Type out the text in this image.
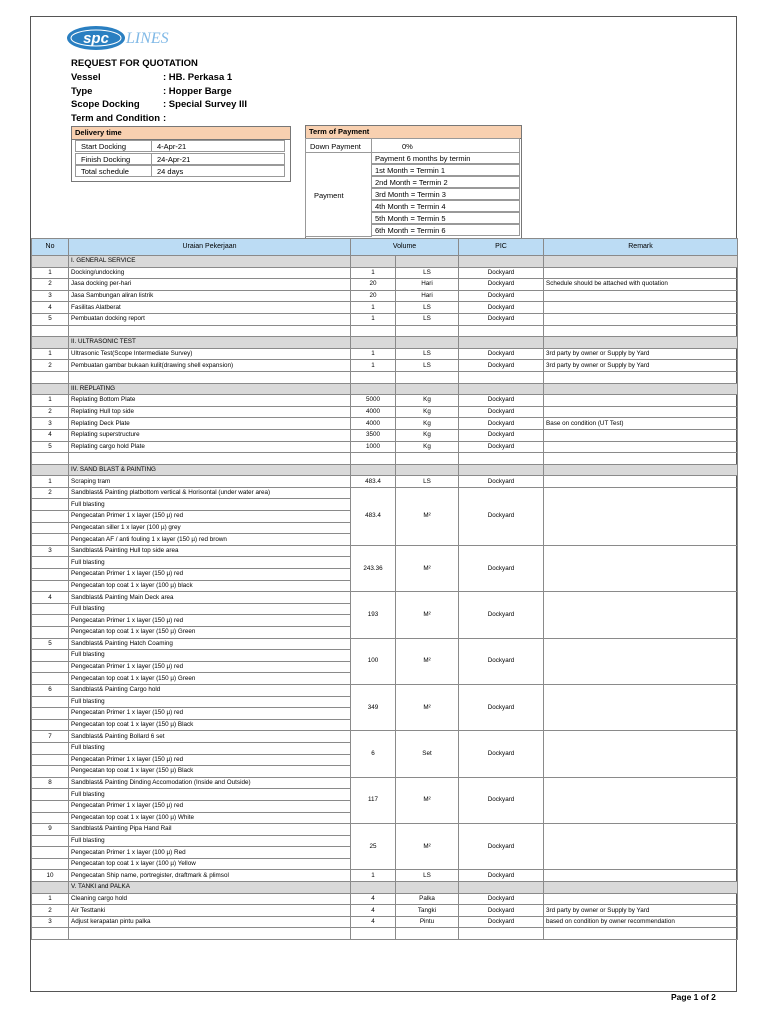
spc LINES
REQUEST FOR QUOTATION
Vessel	: HB. Perkasa 1
Type	: Hopper Barge
Scope Docking : Special Survey III
Term and Condition :
Delivery time
Start Docking	4-Apr-21
Finish Docking	24-Apr-21
Total schedule	24 days
Term of Payment
Down Payment	0%
Payment
Payment 6 months by termin
1st Month = Termin 1
2nd Month = Termin 2
3rd Month = Termin 3
4th Month = Termin 4
5th Month = Termin 5
6th Month = Termin 6
No	Uraian Pekerjaan	Volume		PIC	Remark
	I. GENERAL SERVICE				
1	Docking/undocking	1	LS	Dockyard	
2	Jasa docking per-hari	20	Hari	Dockyard	Schedule should be attached with quotation
3	Jasa Sambungan aliran listrik	20	Hari	Dockyard	
4	Fasilitas Alatberat	1	LS	Dockyard	
5	Pembuatan docking report	1	LS	Dockyard	

	II. ULTRASONIC TEST				
1	Ultrasonic Test(Scope Intermediate Survey)	1	LS	Dockyard	3rd party by owner or Supply by Yard
2	Pembuatan gambar bukaan kulit(drawing shell expansion)	1	LS	Dockyard	3rd party by owner or Supply by Yard

	III. REPLATING				
1	Replating Bottom Plate	5000	Kg	Dockyard	
2	Replating Hull top side	4000	Kg	Dockyard	
3	Replating Deck Plate	4000	Kg	Dockyard	Base on condition (UT Test)
4	Replating superstructure	3500	Kg	Dockyard	
5	Replating cargo hold Plate	1000	Kg	Dockyard	

	IV. SAND BLAST & PAINTING				
1	Scraping tram	483.4	LS	Dockyard	
2	Sandblast& Painting platbottom vertical & Horisontal (under water area)	483.4	M²	Dockyard	
	Full blasting				
	Pengecatan Primer 1 x layer (150 µ) red				
	Pengecatan siller 1 x layer (100 µ) grey				
	Pengecatan AF / anti fouling 1 x layer (150 µ) red brown				
3	Sandblast& Painting Hull top side area	243.36	M²	Dockyard	
	Full blasting				
	Pengecatan Primer 1 x layer (150 µ) red				
	Pengecatan top coat 1 x layer (100 µ) black				
4	Sandblast& Painting Main Deck area	193	M²	Dockyard	
	Full blasting				
	Pengecatan Primer 1 x layer (150 µ) red				
	Pengecatan top coat 1 x layer (150 µ) Green				
5	Sandblast& Painting Hatch Coaming	100	M²	Dockyard	
	Full blasting				
	Pengecatan Primer 1 x layer (150 µ) red				
	Pengecatan top coat 1 x layer (150 µ) Green				
6	Sandblast& Painting Cargo hold	349	M²	Dockyard	
	Full blasting				
	Pengecatan Primer 1 x layer (150 µ) red				
	Pengecatan top coat 1 x layer (150 µ) Black				
7	Sandblast& Painting Bollard 6 set	6	Set	Dockyard	
	Full blasting				
	Pengecatan Primer 1 x layer (150 µ) red				
	Pengecatan top coat 1 x layer (150 µ) Black				
8	Sandblast& Painting Dinding Accomodation (Inside and Outside)	117	M²	Dockyard	
	Full blasting				
	Pengecatan Primer 1 x layer (150 µ) red				
	Pengecatan top coat 1 x layer (100 µ) White				
9	Sandblast& Painting Pipa Hand Rail	25	M²	Dockyard	
	Full blasting				
	Pengecatan Primer 1 x layer (100 µ) Red				
	Pengecatan top coat 1 x layer (100 µ) Yellow				
10	Pengecatan Ship name, portregister, draftmark & plimsol	1	LS	Dockyard	
	V. TANKI and PALKA				
1	Cleaning cargo hold	4	Palka	Dockyard	
2	Air Testtanki	4	Tangki	Dockyard	3rd party by owner or Supply by Yard
3	Adjust kerapatan pintu palka	4	Pintu	Dockyard	based on condition by owner recommendation

Page 1 of 2
